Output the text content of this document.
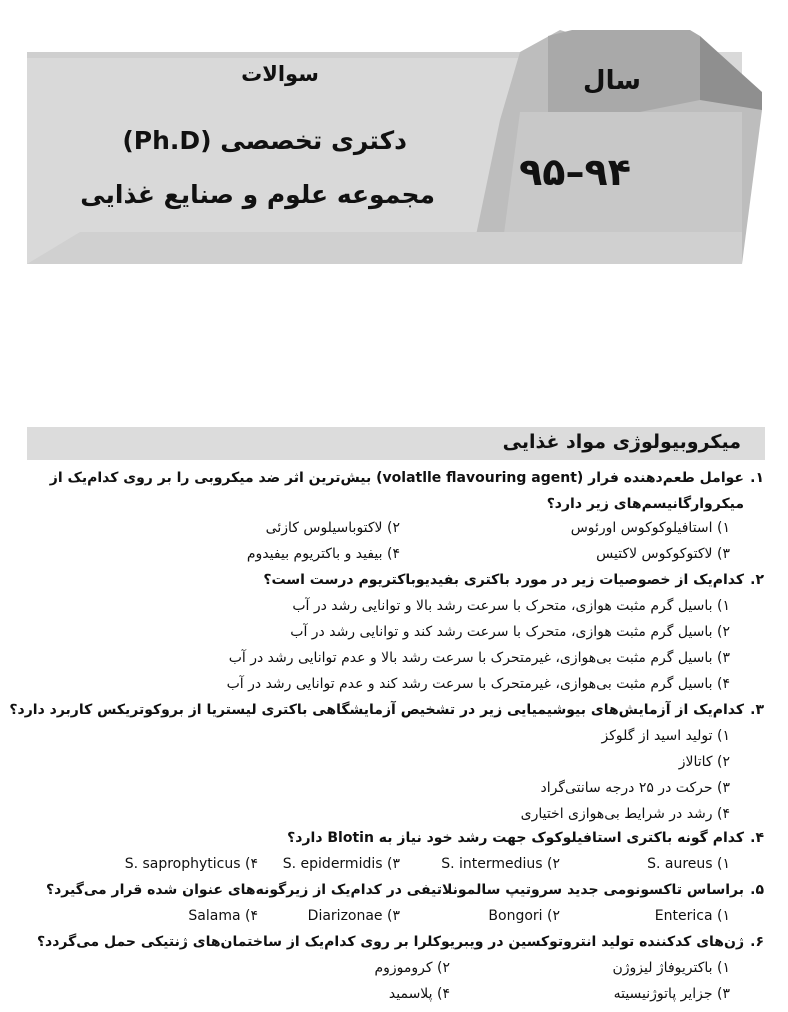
سوالات
دکتری تخصصی (Ph.D)
مجموعه علوم و صنایع غذایی
سال
۹۵–۹۴
میکروبیولوژی مواد غذایی
.۱
عوامل طعم‌دهنده فرار (volatlle flavouring agent) بیش‌ترین اثر ضد میکروبی را بر روی کدام‌یک از
میکروارگانیسم‌های زیر دارد؟
۱) استافیلوکوکوس اورئوس
۲) لاکتوباسیلوس کازئی
۳) لاکتوکوکوس لاکتیس
۴) بیفید و باکتریوم بیفیدوم
.۲
کدام‌یک از خصوصیات زیر در مورد باکتری بفیدیوباکتریوم درست است؟
۱) باسیل گرم مثبت هوازی، متحرک با سرعت رشد بالا و توانایی رشد در آب
۲) باسیل گرم مثبت هوازی، متحرک با سرعت رشد کند و توانایی رشد در آب
۳) باسیل گرم مثبت بی‌هوازی، غیرمتحرک با سرعت رشد بالا و عدم توانایی رشد در آب
۴) باسیل گرم مثبت بی‌هوازی، غیرمتحرک با سرعت رشد کند و عدم توانایی رشد در آب
.۳
کدام‌یک از آزمایش‌های بیوشیمیایی زیر در تشخیص آزمایشگاهی باکتری لیستریا از بروکوتریکس کاربرد دارد؟
۱) تولید اسید از گلوکز
۲) کاتالاز
۳) حرکت در ۲۵ درجه سانتی‌گراد
۴) رشد در شرایط بی‌هوازی اختیاری
.۴
کدام گونه باکتری استافیلوکوک جهت رشد خود نیاز به Blotin دارد؟
۱) S. aureus
۲) S. intermedius
۳) S. epidermidis
۴) S. saprophyticus
.۵
براساس تاکسونومی جدید سروتیپ سالمونلاتیفی در کدام‌یک از زیرگونه‌های عنوان شده قرار می‌گیرد؟
۱) Enterica
۲) Bongori
۳) Diarizonae
۴) Salama
.۶
ژن‌های کدکننده تولید انتروتوکسین در ویبریوکلرا بر روی کدام‌یک از ساختمان‌های ژنتیکی حمل می‌گردد؟
۱) باکتریوفاژ لیزوژن
۲) کروموزوم
۳) جزایر پاتوژنیسیته
۴) پلاسمید
